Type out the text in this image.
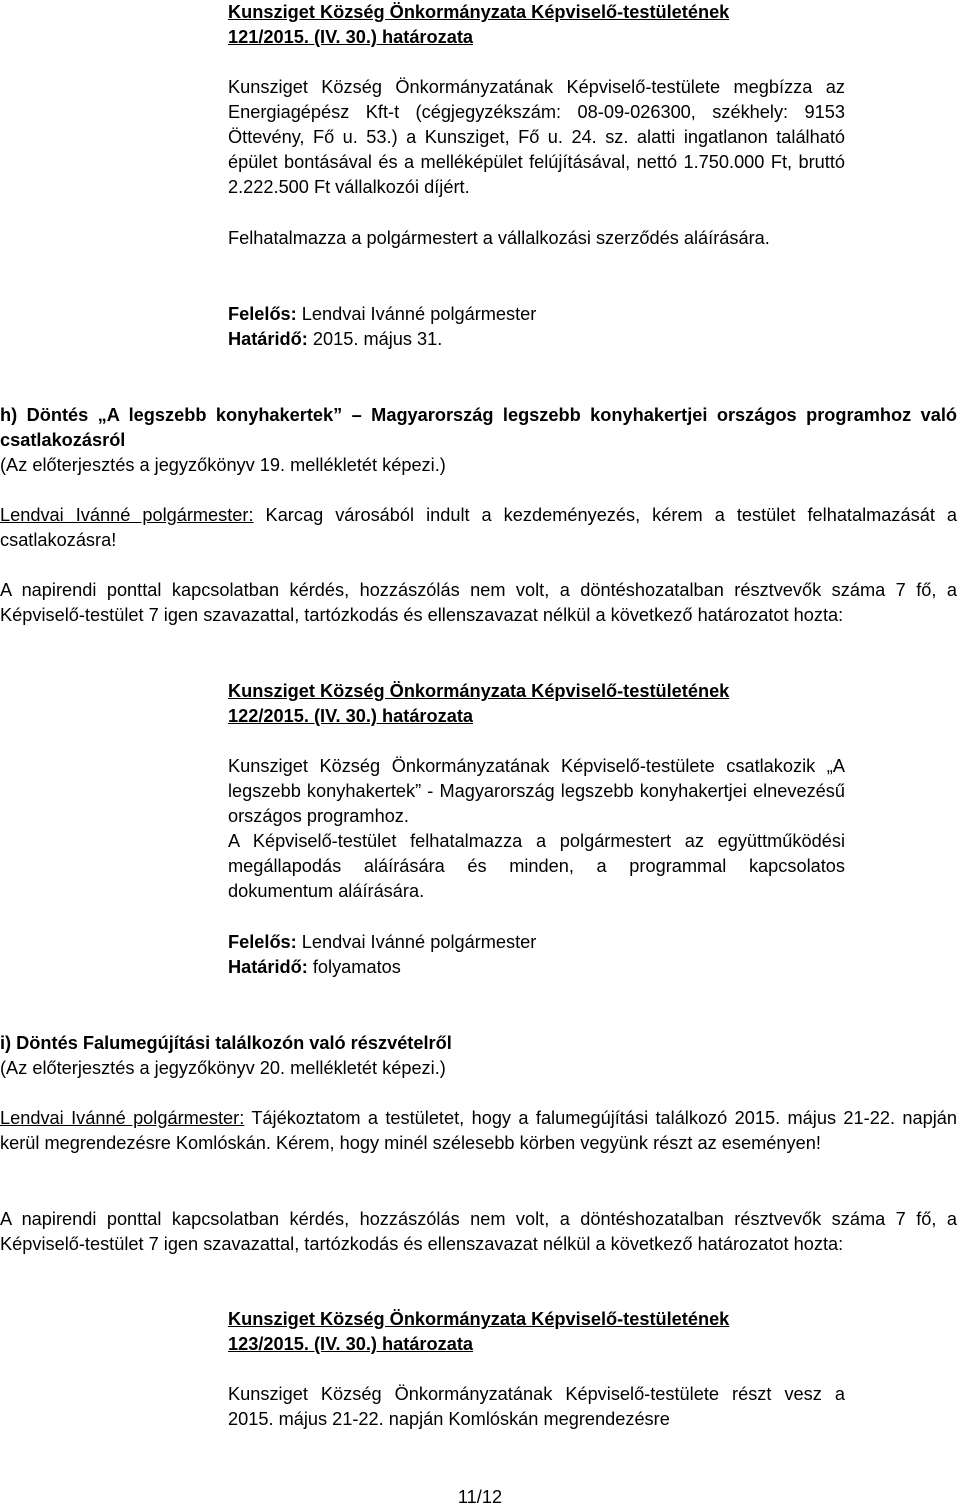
Kunsziget Község Önkormányzata Képviselő-testületének

121/2015. (IV. 30.) határozata

Kunsziget Község Önkormányzatának Képviselő-testülete megbízza az Energiagépész Kft-t (cégjegyzékszám: 08-09-026300, székhely: 9153 Öttevény, Fő u. 53.) a Kunsziget, Fő u. 24. sz. alatti ingatlanon található épület bontásával és a melléképület felújításával, nettó 1.750.000 Ft, bruttó 2.222.500 Ft vállalkozói díjért.

Felhatalmazza a polgármestert a vállalkozási szerződés aláírására.

Felelős: Lendvai Ivánné polgármester

Határidő: 2015. május 31.

h) Döntés „A legszebb konyhakertek” – Magyarország legszebb konyhakertjei országos programhoz való csatlakozásról

(Az előterjesztés a jegyzőkönyv 19. mellékletét képezi.)

Lendvai Ivánné polgármester: Karcag városából indult a kezdeményezés, kérem a testület felhatalmazását a csatlakozásra!

A napirendi ponttal kapcsolatban kérdés, hozzászólás nem volt, a döntéshozatalban résztvevők száma 7 fő, a Képviselő-testület 7 igen szavazattal, tartózkodás és ellenszavazat nélkül a következő határozatot hozta:

Kunsziget Község Önkormányzata Képviselő-testületének

122/2015. (IV. 30.) határozata

Kunsziget Község Önkormányzatának Képviselő-testülete csatlakozik „A legszebb konyhakertek” - Magyarország legszebb konyhakertjei elnevezésű országos programhoz.

A Képviselő-testület felhatalmazza a polgármestert az együttműködési megállapodás aláírására és minden, a programmal kapcsolatos dokumentum aláírására.

Felelős: Lendvai Ivánné polgármester

Határidő: folyamatos

i) Döntés Falumegújítási találkozón való részvételről

(Az előterjesztés a jegyzőkönyv 20. mellékletét képezi.)

Lendvai Ivánné polgármester: Tájékoztatom a testületet, hogy a falumegújítási találkozó 2015. május 21-22. napján kerül megrendezésre Komlóskán. Kérem, hogy minél szélesebb körben vegyünk részt az eseményen!

A napirendi ponttal kapcsolatban kérdés, hozzászólás nem volt, a döntéshozatalban résztvevők száma 7 fő, a Képviselő-testület 7 igen szavazattal, tartózkodás és ellenszavazat nélkül a következő határozatot hozta:

Kunsziget Község Önkormányzata Képviselő-testületének

123/2015. (IV. 30.) határozata

Kunsziget Község Önkormányzatának Képviselő-testülete részt vesz a 2015. május 21-22. napján Komlóskán megrendezésre

11/12
